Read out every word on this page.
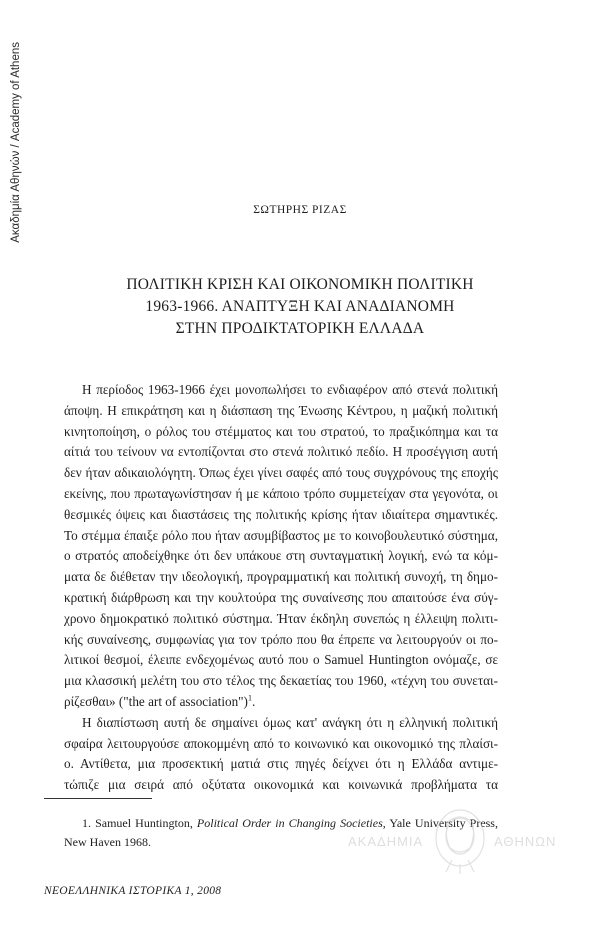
Ακαδημία Αθηνών / Academy of Athens	ΣΩΤΗΡΗΣ ΡΙΖΑΣ
ΠΟΛΙΤΙΚΗ ΚΡΙΣΗ ΚΑΙ ΟΙΚΟΝΟΜΙΚΗ ΠΟΛΙΤΙΚΗ
1963-1966. ΑΝΑΠΤΥΞΗ ΚΑΙ ΑΝΑΔΙΑΝΟΜΗ
ΣΤΗΝ ΠΡΟΔΙΚΤΑΤΟΡΙΚΗ ΕΛΛΑΔΑ
Η περίοδος 1963-1966 έχει μονοπωλήσει το ενδιαφέρον από στενά πολιτική
άποψη. Η επικράτηση και η διάσπαση της Ένωσης Κέντρου, η μαζική πολιτική
κινητοποίηση, ο ρόλος του στέμματος και του στρατού, το πραξικόπημα και τα
αίτιά του τείνουν να εντοπίζονται στο στενά πολιτικό πεδίο. Η προσέγγιση αυτή
δεν ήταν αδικαιολόγητη. Όπως έχει γίνει σαφές από τους συγχρόνους της εποχής
εκείνης, που πρωταγωνίστησαν ή με κάποιο τρόπο συμμετείχαν στα γεγονότα, οι
θεσμικές όψεις και διαστάσεις της πολιτικής κρίσης ήταν ιδιαίτερα σημαντικές.
Το στέμμα έπαιξε ρόλο που ήταν ασυμβίβαστος με το κοινοβουλευτικό σύστημα,
ο στρατός αποδείχθηκε ότι δεν υπάκουε στη συνταγματική λογική, ενώ τα κόμ-
ματα δε διέθεταν την ιδεολογική, προγραμματική και πολιτική συνοχή, τη δημο-
κρατική διάρθρωση και την κουλτούρα της συναίνεσης που απαιτούσε ένα σύγ-
χρονο δημοκρατικό πολιτικό σύστημα. Ήταν έκδηλη συνεπώς η έλλειψη πολιτι-
κής συναίνεσης, συμφωνίας για τον τρόπο που θα έπρεπε να λειτουργούν οι πο-
λιτικοί θεσμοί, έλειπε ενδεχομένως αυτό που ο Samuel Huntington ονόμαζε, σε
μια κλασσική μελέτη του στο τέλος της δεκαετίας του 1960, «τέχνη του συνεται-
ρίζεσθαι» ("the art of association")$^1$.
Η διαπίστωση αυτή δε σημαίνει όμως κατ' ανάγκη ότι η ελληνική πολιτική
σφαίρα λειτουργούσε αποκομμένη από το κοινωνικό και οικονομικό της πλαίσι-
ο. Αντίθετα, μια προσεκτική ματιά στις πηγές δείχνει ότι η Ελλάδα αντιμε-
τώπιζε μια σειρά από οξύτατα οικονομικά και κοινωνικά προβλήματα τα
1. Samuel Huntington, Political Order in Changing Societies, Yale University Press,
New Haven 1968.	ΑΚΑΔΗΜΙΑ	ΑΘΗΝΩΝ
ΝΕΟΕΛΛΗΝΙΚΑ ΙΣΤΟΡΙΚΑ 1, 2008
